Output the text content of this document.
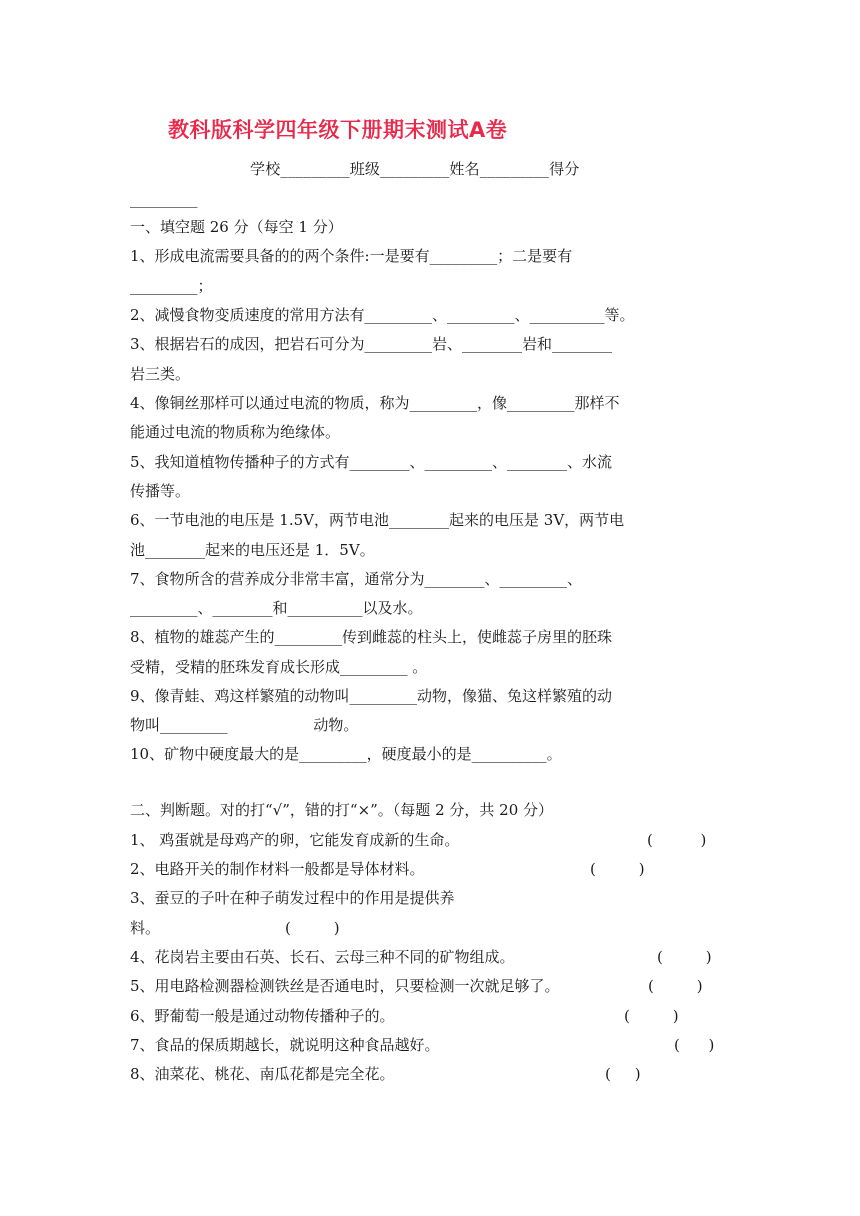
教科版科学四年级下册期末测试A卷
学校_________班级_________姓名_________得分
_________
一、填空题 26 分（每空 1 分）
1、形成电流需要具备的的两个条件:一是要有_________；二是要有
_________；
2、减慢食物变质速度的常用方法有_________、_________、__________等。
3、根据岩石的成因，把岩石可分为_________岩、________岩和________
岩三类。
4、像铜丝那样可以通过电流的物质，称为_________，像_________那样不
能通过电流的物质称为绝缘体。
5、我知道植物传播种子的方式有________、_________、________、水流
传播等。
6、一节电池的电压是 1.5V，两节电池________起来的电压是 3V，两节电
池________起来的电压还是 1．5V。
7、食物所含的营养成分非常丰富，通常分为________、_________、
_________、________和__________以及水。
8、植物的雄蕊产生的_________传到雌蕊的柱头上，使雌蕊子房里的胚珠
受精，受精的胚珠发育成长形成_________ 。
9、像青蛙、鸡这样繁殖的动物叫_________动物，像猫、兔这样繁殖的动
物叫_________                  动物。
10、矿物中硬度最大的是_________，硬度最小的是__________。
二、判断题。对的打“√”，错的打“×”。（每题 2 分，共 20 分）
1、 鸡蛋就是母鸡产的卵，它能发育成新的生命。	(          )
2、电路开关的制作材料一般都是导体材料。	(         )
3、蚕豆的子叶在种子萌发过程中的作用是提供养
料。	(         )
4、花岗岩主要由石英、长石、云母三种不同的矿物组成。	(         )
5、用电路检测器检测铁丝是否通电时，只要检测一次就足够了。	(         )
6、野葡萄一般是通过动物传播种子的。	(         )
7、食品的保质期越长，就说明这种食品越好。	(      )
8、油菜花、桃花、南瓜花都是完全花。	(     )
